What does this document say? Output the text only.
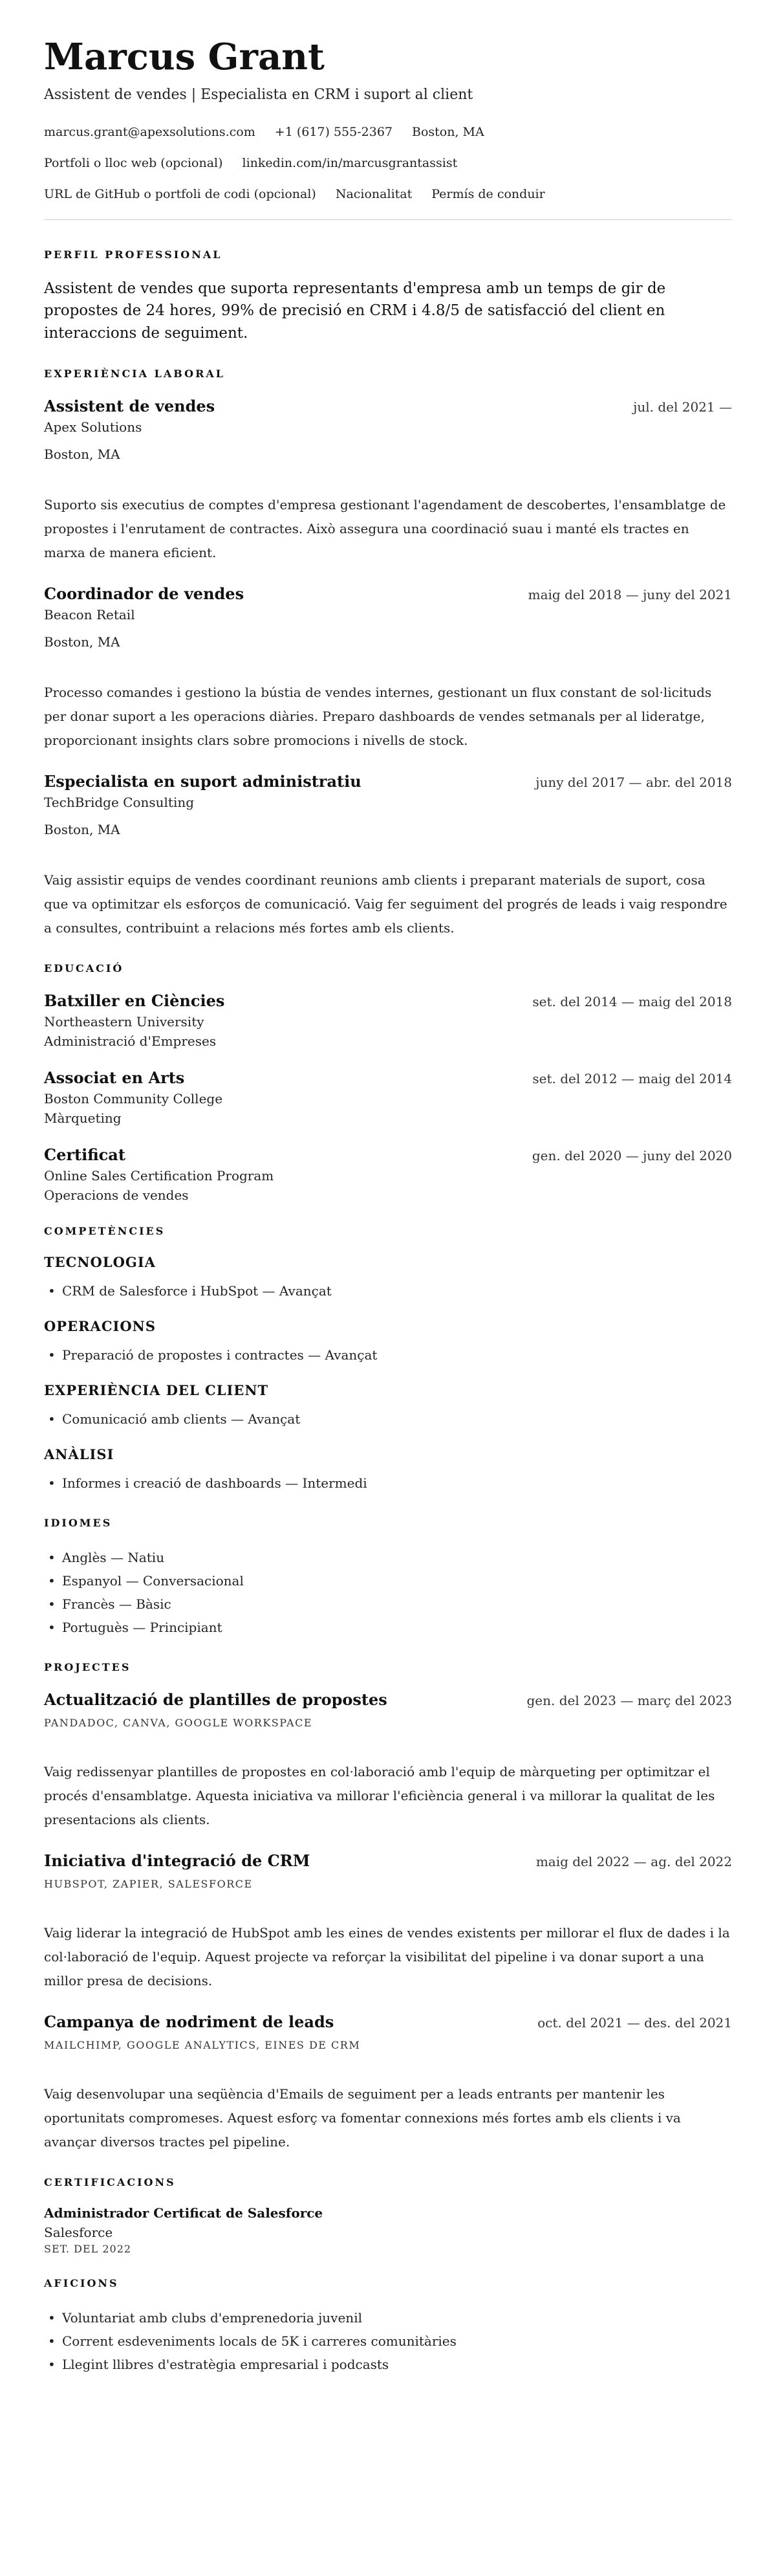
Marcus Grant
Assistent de vendes | Especialista en CRM i suport al client
marcus.grant@apexsolutions.com +1 (617) 555-2367 Boston, MA
Portfoli o lloc web (opcional) linkedin.com/in/marcusgrantassist
URL de GitHub o portfoli de codi (opcional) Nacionalitat Permís de conduir
PERFIL PROFESSIONAL

Assistent de vendes que suporta representants d'empresa amb un temps de gir de propostes de 24 hores, 99% de precisió en CRM i 4.8/5 de satisfacció del client en interaccions de seguiment.

EXPERIÈNCIA LABORAL
Assistent de vendes	jul. del 2021 —
Apex Solutions
Boston, MA

Suporto sis executius de comptes d'empresa gestionant l'agendament de descobertes, l'ensamblatge de propostes i l'enrutament de contractes. Això assegura una coordinació suau i manté els tractes en marxa de manera eficient.

Coordinador de vendes	maig del 2018 — juny del 2021
Beacon Retail
Boston, MA

Processo comandes i gestiono la bústia de vendes internes, gestionant un flux constant de sol·licituds per donar suport a les operacions diàries. Preparo dashboards de vendes setmanals per al lideratge, proporcionant insights clars sobre promocions i nivells de stock.

Especialista en suport administratiu	juny del 2017 — abr. del 2018
TechBridge Consulting
Boston, MA

Vaig assistir equips de vendes coordinant reunions amb clients i preparant materials de suport, cosa que va optimitzar els esforços de comunicació. Vaig fer seguiment del progrés de leads i vaig respondre a consultes, contribuint a relacions més fortes amb els clients.

EDUCACIÓ
Batxiller en Ciències	set. del 2014 — maig del 2018
Northeastern University
Administració d'Empreses
Associat en Arts	set. del 2012 — maig del 2014
Boston Community College
Màrqueting
Certificat	gen. del 2020 — juny del 2020
Online Sales Certification Program
Operacions de vendes
COMPETÈNCIES
TECNOLOGIA
• CRM de Salesforce i HubSpot — Avançat
OPERACIONS
• Preparació de propostes i contractes — Avançat
EXPERIÈNCIA DEL CLIENT
• Comunicació amb clients — Avançat
ANÀLISI
• Informes i creació de dashboards — Intermedi
IDIOMES
• Anglès — Natiu
• Espanyol — Conversacional
• Francès — Bàsic
• Portuguès — Principiant
PROJECTES
Actualització de plantilles de propostes	gen. del 2023 — març del 2023
PANDADOC, CANVA, GOOGLE WORKSPACE

Vaig redissenyar plantilles de propostes en col·laboració amb l'equip de màrqueting per optimitzar el procés d'ensamblatge. Aquesta iniciativa va millorar l'eficiència general i va millorar la qualitat de les presentacions als clients.

Iniciativa d'integració de CRM	maig del 2022 — ag. del 2022
HUBSPOT, ZAPIER, SALESFORCE

Vaig liderar la integració de HubSpot amb les eines de vendes existents per millorar el flux de dades i la col·laboració de l'equip. Aquest projecte va reforçar la visibilitat del pipeline i va donar suport a una millor presa de decisions.

Campanya de nodriment de leads	oct. del 2021 — des. del 2021
MAILCHIMP, GOOGLE ANALYTICS, EINES DE CRM

Vaig desenvolupar una seqüència d'Emails de seguiment per a leads entrants per mantenir les oportunitats compromeses. Aquest esforç va fomentar connexions més fortes amb els clients i va avançar diversos tractes pel pipeline.

CERTIFICACIONS
Administrador Certificat de Salesforce
Salesforce
SET. DEL 2022
AFICIONS
• Voluntariat amb clubs d'emprenedoria juvenil
• Corrent esdeveniments locals de 5K i carreres comunitàries
• Llegint llibres d'estratègia empresarial i podcasts
